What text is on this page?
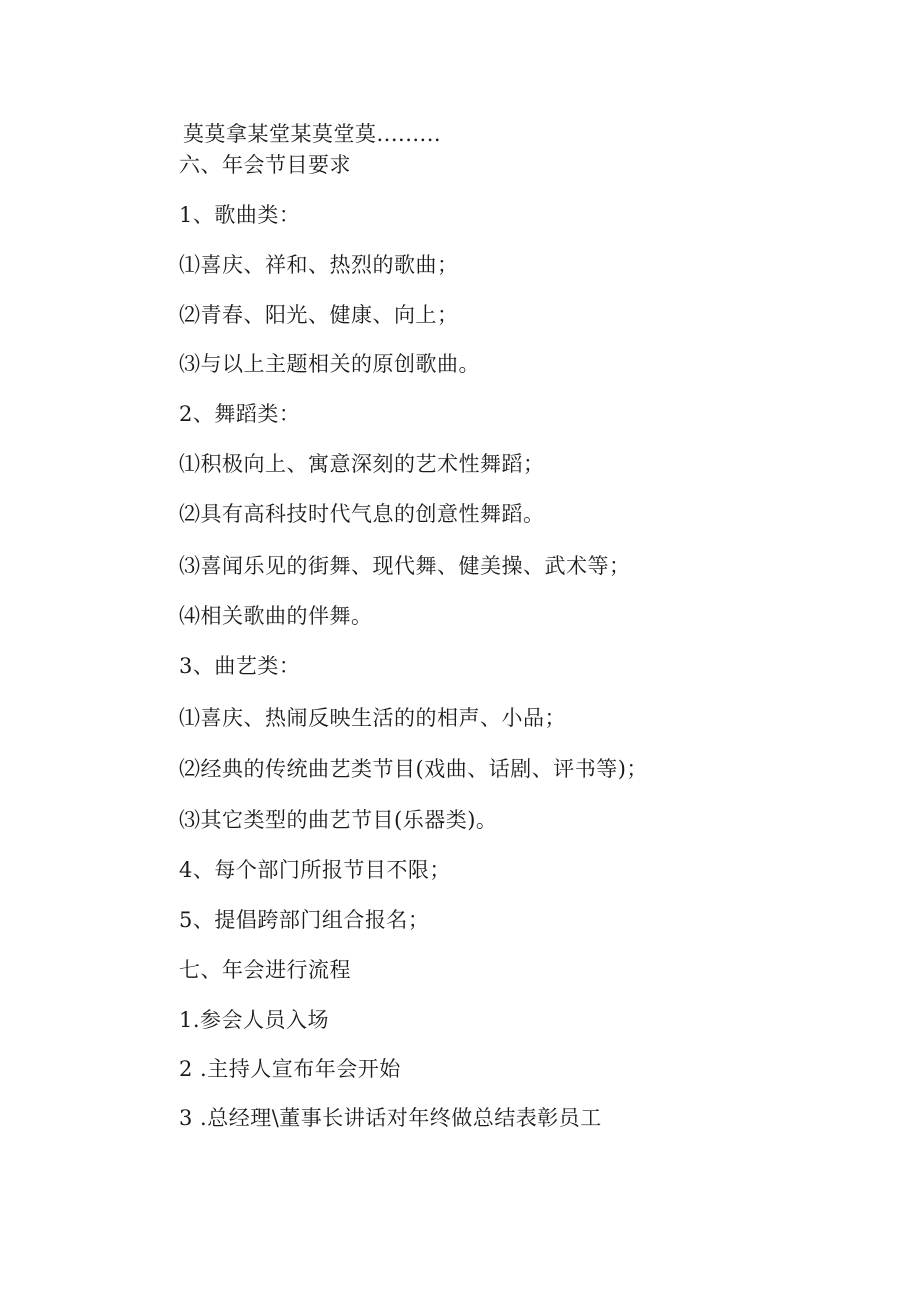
莫莫拿某堂某莫堂莫.........
六、年会节目要求
1、歌曲类：
⑴喜庆、祥和、热烈的歌曲；
⑵青春、阳光、健康、向上；
⑶与以上主题相关的原创歌曲。
2、舞蹈类：
⑴积极向上、寓意深刻的艺术性舞蹈；
⑵具有高科技时代气息的创意性舞蹈。
⑶喜闻乐见的街舞、现代舞、健美操、武术等；
⑷相关歌曲的伴舞。
3、曲艺类：
⑴喜庆、热闹反映生活的的相声、小品；
⑵经典的传统曲艺类节目(戏曲、话剧、评书等)；
⑶其它类型的曲艺节目(乐器类)。
4、每个部门所报节目不限；
5、提倡跨部门组合报名；
七、年会进行流程
1.参会人员入场
2 .主持人宣布年会开始
3 .总经理\董事长讲话对年终做总结表彰员工
